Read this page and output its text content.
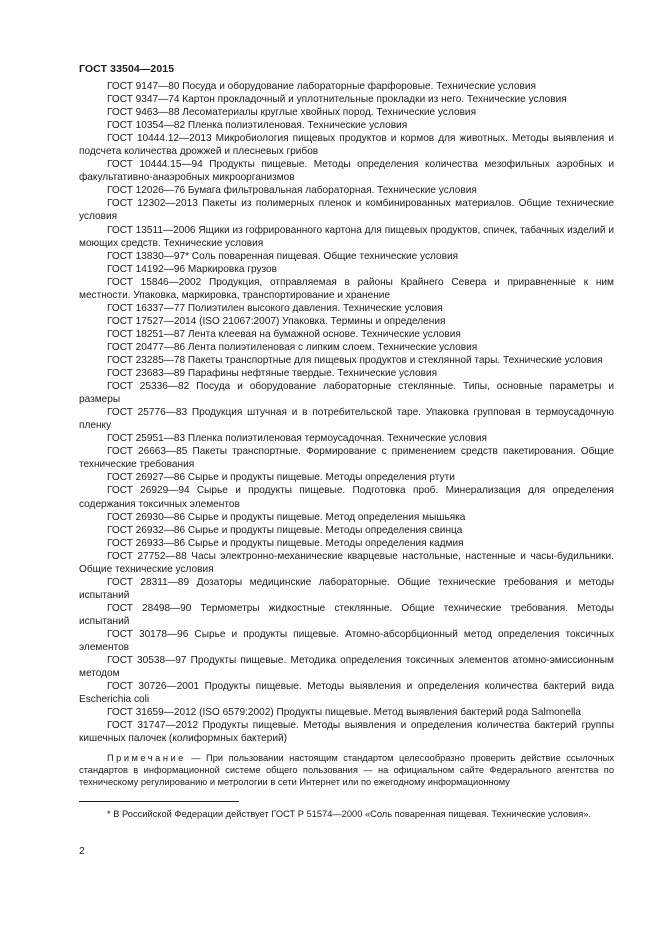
ГОСТ 33504—2015
ГОСТ 9147—80 Посуда и оборудование лабораторные фарфоровые. Технические условия
ГОСТ 9347—74 Картон прокладочный и уплотнительные прокладки из него. Технические условия
ГОСТ 9463—88 Лесоматериалы круглые хвойных пород. Технические условия
ГОСТ 10354—82 Пленка полиэтиленовая. Технические условия
ГОСТ 10444.12—2013 Микробиология пищевых продуктов и кормов для животных. Методы выявления и подсчета количества дрожжей и плесневых грибов
ГОСТ 10444.15—94 Продукты пищевые. Методы определения количества мезофильных аэробных и факультативно-анаэробных микроорганизмов
ГОСТ 12026—76 Бумага фильтровальная лабораторная. Технические условия
ГОСТ 12302—2013 Пакеты из полимерных пленок и комбинированных материалов. Общие технические условия
ГОСТ 13511—2006 Ящики из гофрированного картона для пищевых продуктов, спичек, табачных изделий и моющих средств. Технические условия
ГОСТ 13830—97* Соль поваренная пищевая. Общие технические условия
ГОСТ 14192—96 Маркировка грузов
ГОСТ 15846—2002 Продукция, отправляемая в районы Крайнего Севера и приравненные к ним местности. Упаковка, маркировка, транспортирование и хранение
ГОСТ 16337—77 Полиэтилен высокого давления. Технические условия
ГОСТ 17527—2014 (ISO 21067:2007) Упаковка. Термины и определения
ГОСТ 18251—87 Лента клеевая на бумажной основе. Технические условия
ГОСТ 20477—86 Лента полиэтиленовая с липким слоем. Технические условия
ГОСТ 23285—78 Пакеты транспортные для пищевых продуктов и стеклянной тары. Технические условия
ГОСТ 23683—89 Парафины нефтяные твердые. Технические условия
ГОСТ 25336—82 Посуда и оборудование лабораторные стеклянные. Типы, основные параметры и размеры
ГОСТ 25776—83 Продукция штучная и в потребительской таре. Упаковка групповая в термоусадочную пленку
ГОСТ 25951—83 Пленка полиэтиленовая термоусадочная. Технические условия
ГОСТ 26663—85 Пакеты транспортные. Формирование с применением средств пакетирования. Общие технические требования
ГОСТ 26927—86 Сырье и продукты пищевые. Методы определения ртути
ГОСТ 26929—94 Сырье и продукты пищевые. Подготовка проб. Минерализация для определения содержания токсичных элементов
ГОСТ 26930—86 Сырье и продукты пищевые. Метод определения мышьяка
ГОСТ 26932—86 Сырье и продукты пищевые. Методы определения свинца
ГОСТ 26933—86 Сырье и продукты пищевые. Методы определения кадмия
ГОСТ 27752—88 Часы электронно-механические кварцевые настольные, настенные и часы-будильники. Общие технические условия
ГОСТ 28311—89 Дозаторы медицинские лабораторные. Общие технические требования и методы испытаний
ГОСТ 28498—90 Термометры жидкостные стеклянные. Общие технические требования. Методы испытаний
ГОСТ 30178—96 Сырье и продукты пищевые. Атомно-абсорбционный метод определения токсичных элементов
ГОСТ 30538—97 Продукты пищевые. Методика определения токсичных элементов атомно-эмиссионным методом
ГОСТ 30726—2001 Продукты пищевые. Методы выявления и определения количества бактерий вида Escherichia coli
ГОСТ 31659—2012 (ISO 6579:2002) Продукты пищевые. Метод выявления бактерий рода Salmonella
ГОСТ 31747—2012 Продукты пищевые. Методы выявления и определения количества бактерий группы кишечных палочек (колиформных бактерий)
Примечание — При пользовании настоящим стандартом целесообразно проверить действие ссылочных стандартов в информационной системе общего пользования — на официальном сайте Федерального агентства по техническому регулированию и метрологии в сети Интернет или по ежегодному информационному
* В Российской Федерации действует ГОСТ Р 51574—2000 «Соль поваренная пищевая. Технические условия».
2
